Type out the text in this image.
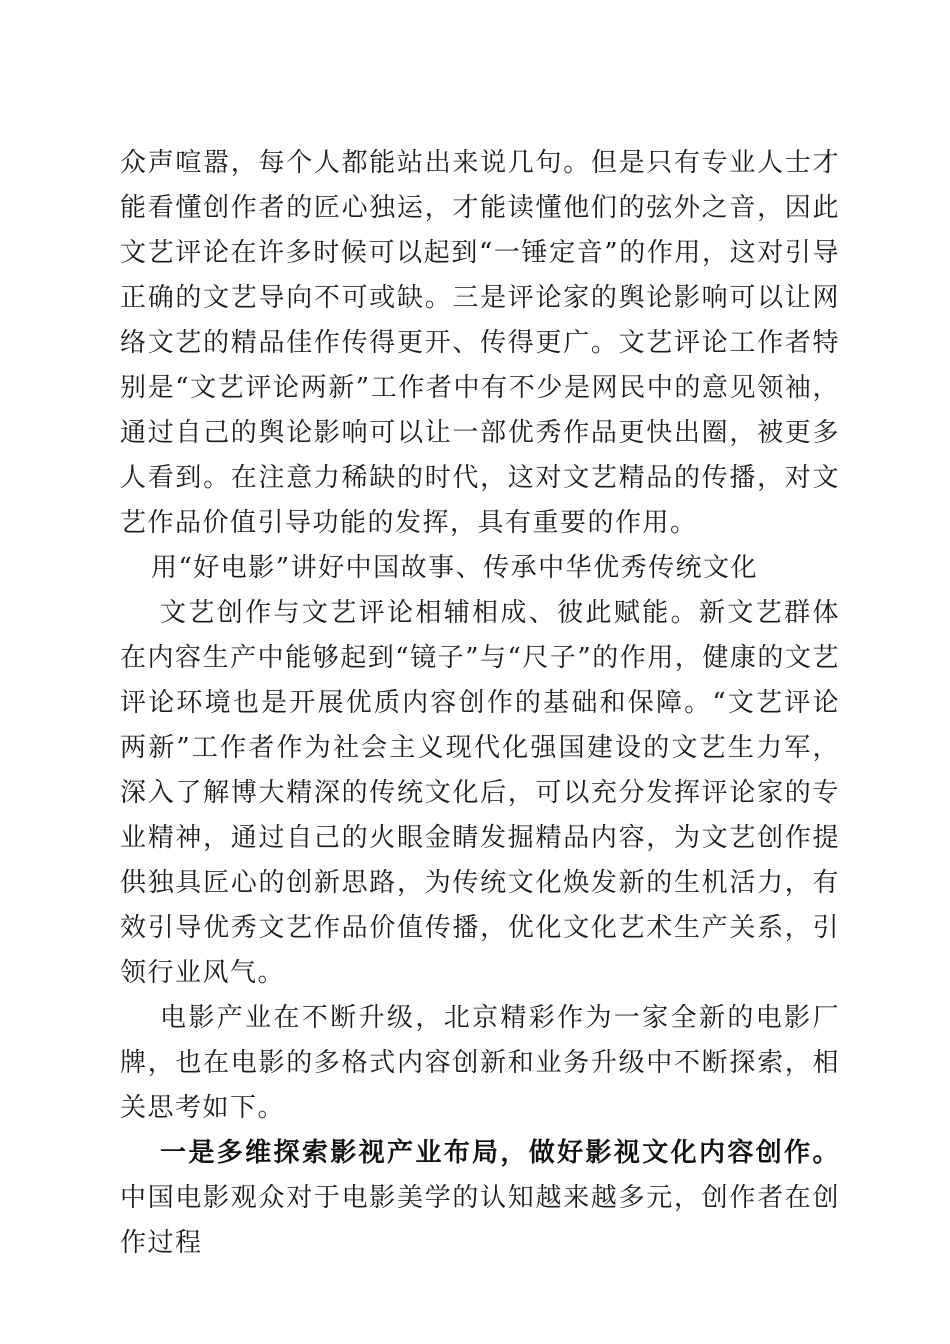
众声喧嚣，每个人都能站出来说几句。但是只有专业人士才能看懂创作者的匠心独运，才能读懂他们的弦外之音，因此文艺评论在许多时候可以起到“一锤定音”的作用，这对引导正确的文艺导向不可或缺。三是评论家的舆论影响可以让网络文艺的精品佳作传得更开、传得更广。文艺评论工作者特别是“文艺评论两新”工作者中有不少是网民中的意见领袖，通过自己的舆论影响可以让一部优秀作品更快出圈，被更多人看到。在注意力稀缺的时代，这对文艺精品的传播，对文艺作品价值引导功能的发挥，具有重要的作用。

用“好电影”讲好中国故事、传承中华优秀传统文化

文艺创作与文艺评论相辅相成、彼此赋能。新文艺群体在内容生产中能够起到“镜子”与“尺子”的作用，健康的文艺评论环境也是开展优质内容创作的基础和保障。“文艺评论两新”工作者作为社会主义现代化强国建设的文艺生力军，深入了解博大精深的传统文化后，可以充分发挥评论家的专业精神，通过自己的火眼金睛发掘精品内容，为文艺创作提供独具匠心的创新思路，为传统文化焕发新的生机活力，有效引导优秀文艺作品价值传播，优化文化艺术生产关系，引领行业风气。

电影产业在不断升级，北京精彩作为一家全新的电影厂牌，也在电影的多格式内容创新和业务升级中不断探索，相关思考如下。

一是多维探索影视产业布局，做好影视文化内容创作。中国电影观众对于电影美学的认知越来越多元，创作者在创作过程
